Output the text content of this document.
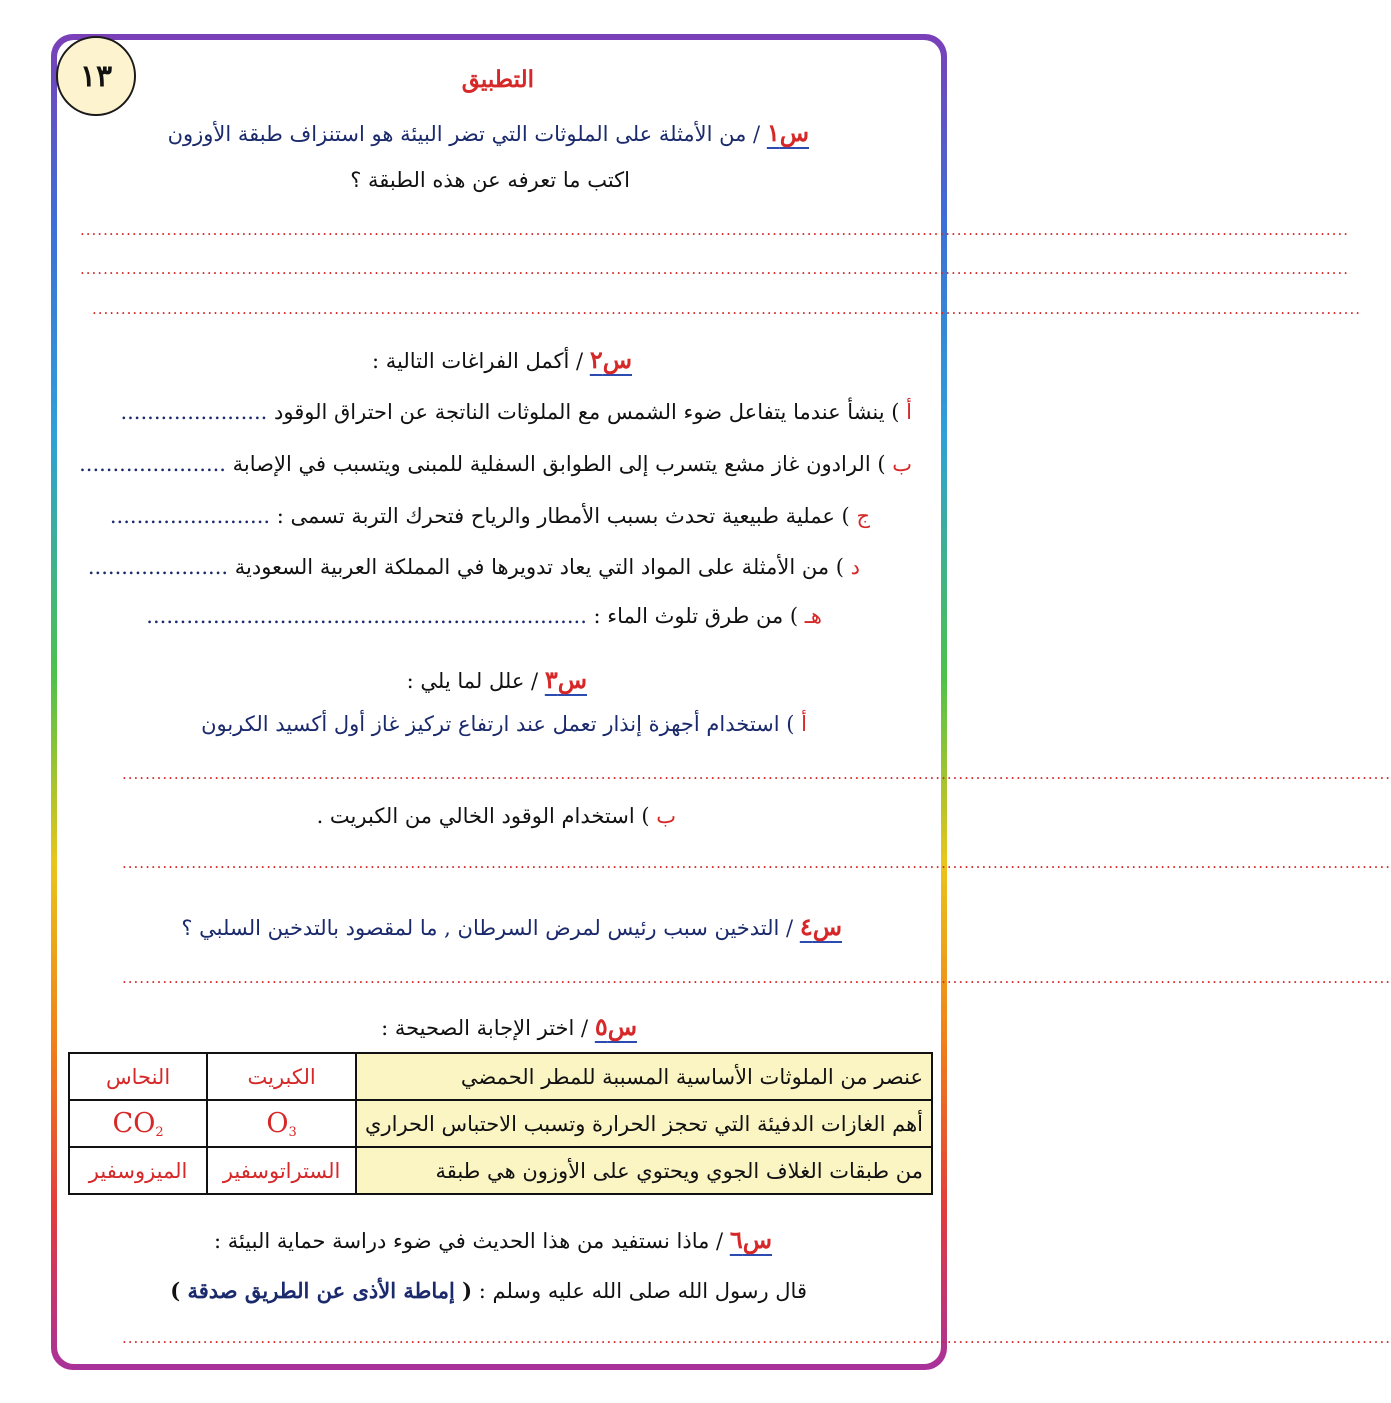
١٣	التطبيق
س١ / من الأمثلة على الملوثات التي تضر البيئة هو استنزاف طبقة الأوزون
اكتب ما تعرفه عن هذه الطبقة ؟
............................................................................................................................................................................................................................
............................................................................................................................................................................................................................
............................................................................................................................................................................................................................
س٢ / أكمل الفراغات التالية :
أ ) ينشأ عندما يتفاعل ضوء الشمس مع الملوثات الناتجة عن احتراق الوقود ......................
ب ) الرادون غاز مشع يتسرب إلى الطوابق السفلية للمبنى ويتسبب في الإصابة ......................
ج ) عملية طبيعية تحدث بسبب الأمطار والرياح فتحرك التربة تسمى : ........................
د ) من الأمثلة على المواد التي يعاد تدويرها في المملكة العربية السعودية .....................
هـ ) من طرق تلوث الماء : ..................................................................
س٣ / علل لما يلي :
أ ) استخدام أجهزة إنذار تعمل عند ارتفاع تركيز غاز أول أكسيد الكربون
............................................................................................................................................................................................................................
ب ) استخدام الوقود الخالي من الكبريت .
............................................................................................................................................................................................................................
س٤ / التدخين سبب رئيس لمرض السرطان , ما لمقصود بالتدخين السلبي ؟
............................................................................................................................................................................................................................
س٥ / اختر الإجابة الصحيحة :
عنصر من الملوثات الأساسية المسببة للمطر الحمضي	الكبريت	النحاس
أهم الغازات الدفيئة التي تحجز الحرارة وتسبب الاحتباس الحراري	$O_3$	$CO_2$
من طبقات الغلاف الجوي ويحتوي على الأوزون هي طبقة	الستراتوسفير	الميزوسفير
س٦ / ماذا نستفيد من هذا الحديث في ضوء دراسة حماية البيئة :
قال رسول الله صلى الله عليه وسلم : ( إماطة الأذى عن الطريق صدقة )
............................................................................................................................................................................................................................
